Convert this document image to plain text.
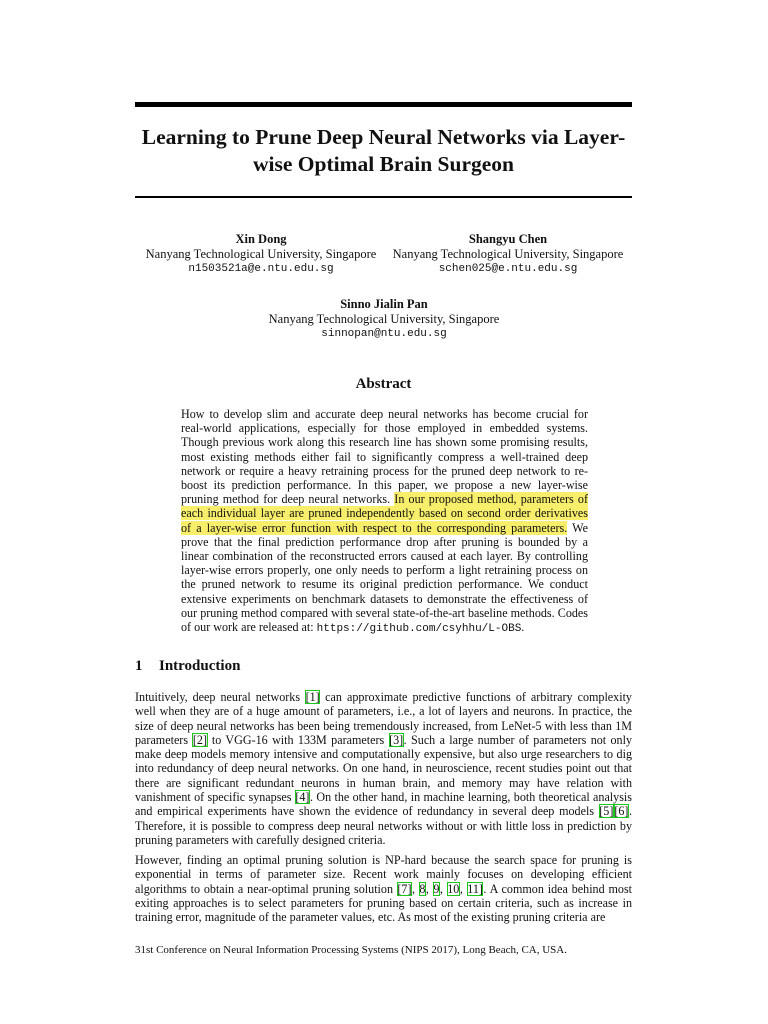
Learning to Prune Deep Neural Networks via Layer-wise Optimal Brain Surgeon
Xin Dong
Nanyang Technological University, Singapore
n1503521a@e.ntu.edu.sg
Shangyu Chen
Nanyang Technological University, Singapore
schen025@e.ntu.edu.sg
Sinno Jialin Pan
Nanyang Technological University, Singapore
sinnopan@ntu.edu.sg
Abstract
How to develop slim and accurate deep neural networks has become crucial for real-world applications, especially for those employed in embedded systems. Though previous work along this research line has shown some promising results, most existing methods either fail to significantly compress a well-trained deep network or require a heavy retraining process for the pruned deep network to re-boost its prediction performance. In this paper, we propose a new layer-wise pruning method for deep neural networks. In our proposed method, parameters of each individual layer are pruned independently based on second order derivatives of a layer-wise error function with respect to the corresponding parameters. We prove that the final prediction performance drop after pruning is bounded by a linear combination of the reconstructed errors caused at each layer. By controlling layer-wise errors properly, one only needs to perform a light retraining process on the pruned network to resume its original prediction performance. We conduct extensive experiments on benchmark datasets to demonstrate the effectiveness of our pruning method compared with several state-of-the-art baseline methods. Codes of our work are released at: https://github.com/csyhhu/L-OBS.
1 Introduction
Intuitively, deep neural networks [1] can approximate predictive functions of arbitrary complexity well when they are of a huge amount of parameters, i.e., a lot of layers and neurons. In practice, the size of deep neural networks has been being tremendously increased, from LeNet-5 with less than 1M parameters [2] to VGG-16 with 133M parameters [3]. Such a large number of parameters not only make deep models memory intensive and computationally expensive, but also urge researchers to dig into redundancy of deep neural networks. On one hand, in neuroscience, recent studies point out that there are significant redundant neurons in human brain, and memory may have relation with vanishment of specific synapses [4]. On the other hand, in machine learning, both theoretical analysis and empirical experiments have shown the evidence of redundancy in several deep models [5][6]. Therefore, it is possible to compress deep neural networks without or with little loss in prediction by pruning parameters with carefully designed criteria.
However, finding an optimal pruning solution is NP-hard because the search space for pruning is exponential in terms of parameter size. Recent work mainly focuses on developing efficient algorithms to obtain a near-optimal pruning solution [7], 8, 9, 10, 11]. A common idea behind most exiting approaches is to select parameters for pruning based on certain criteria, such as increase in training error, magnitude of the parameter values, etc. As most of the existing pruning criteria are
31st Conference on Neural Information Processing Systems (NIPS 2017), Long Beach, CA, USA.
